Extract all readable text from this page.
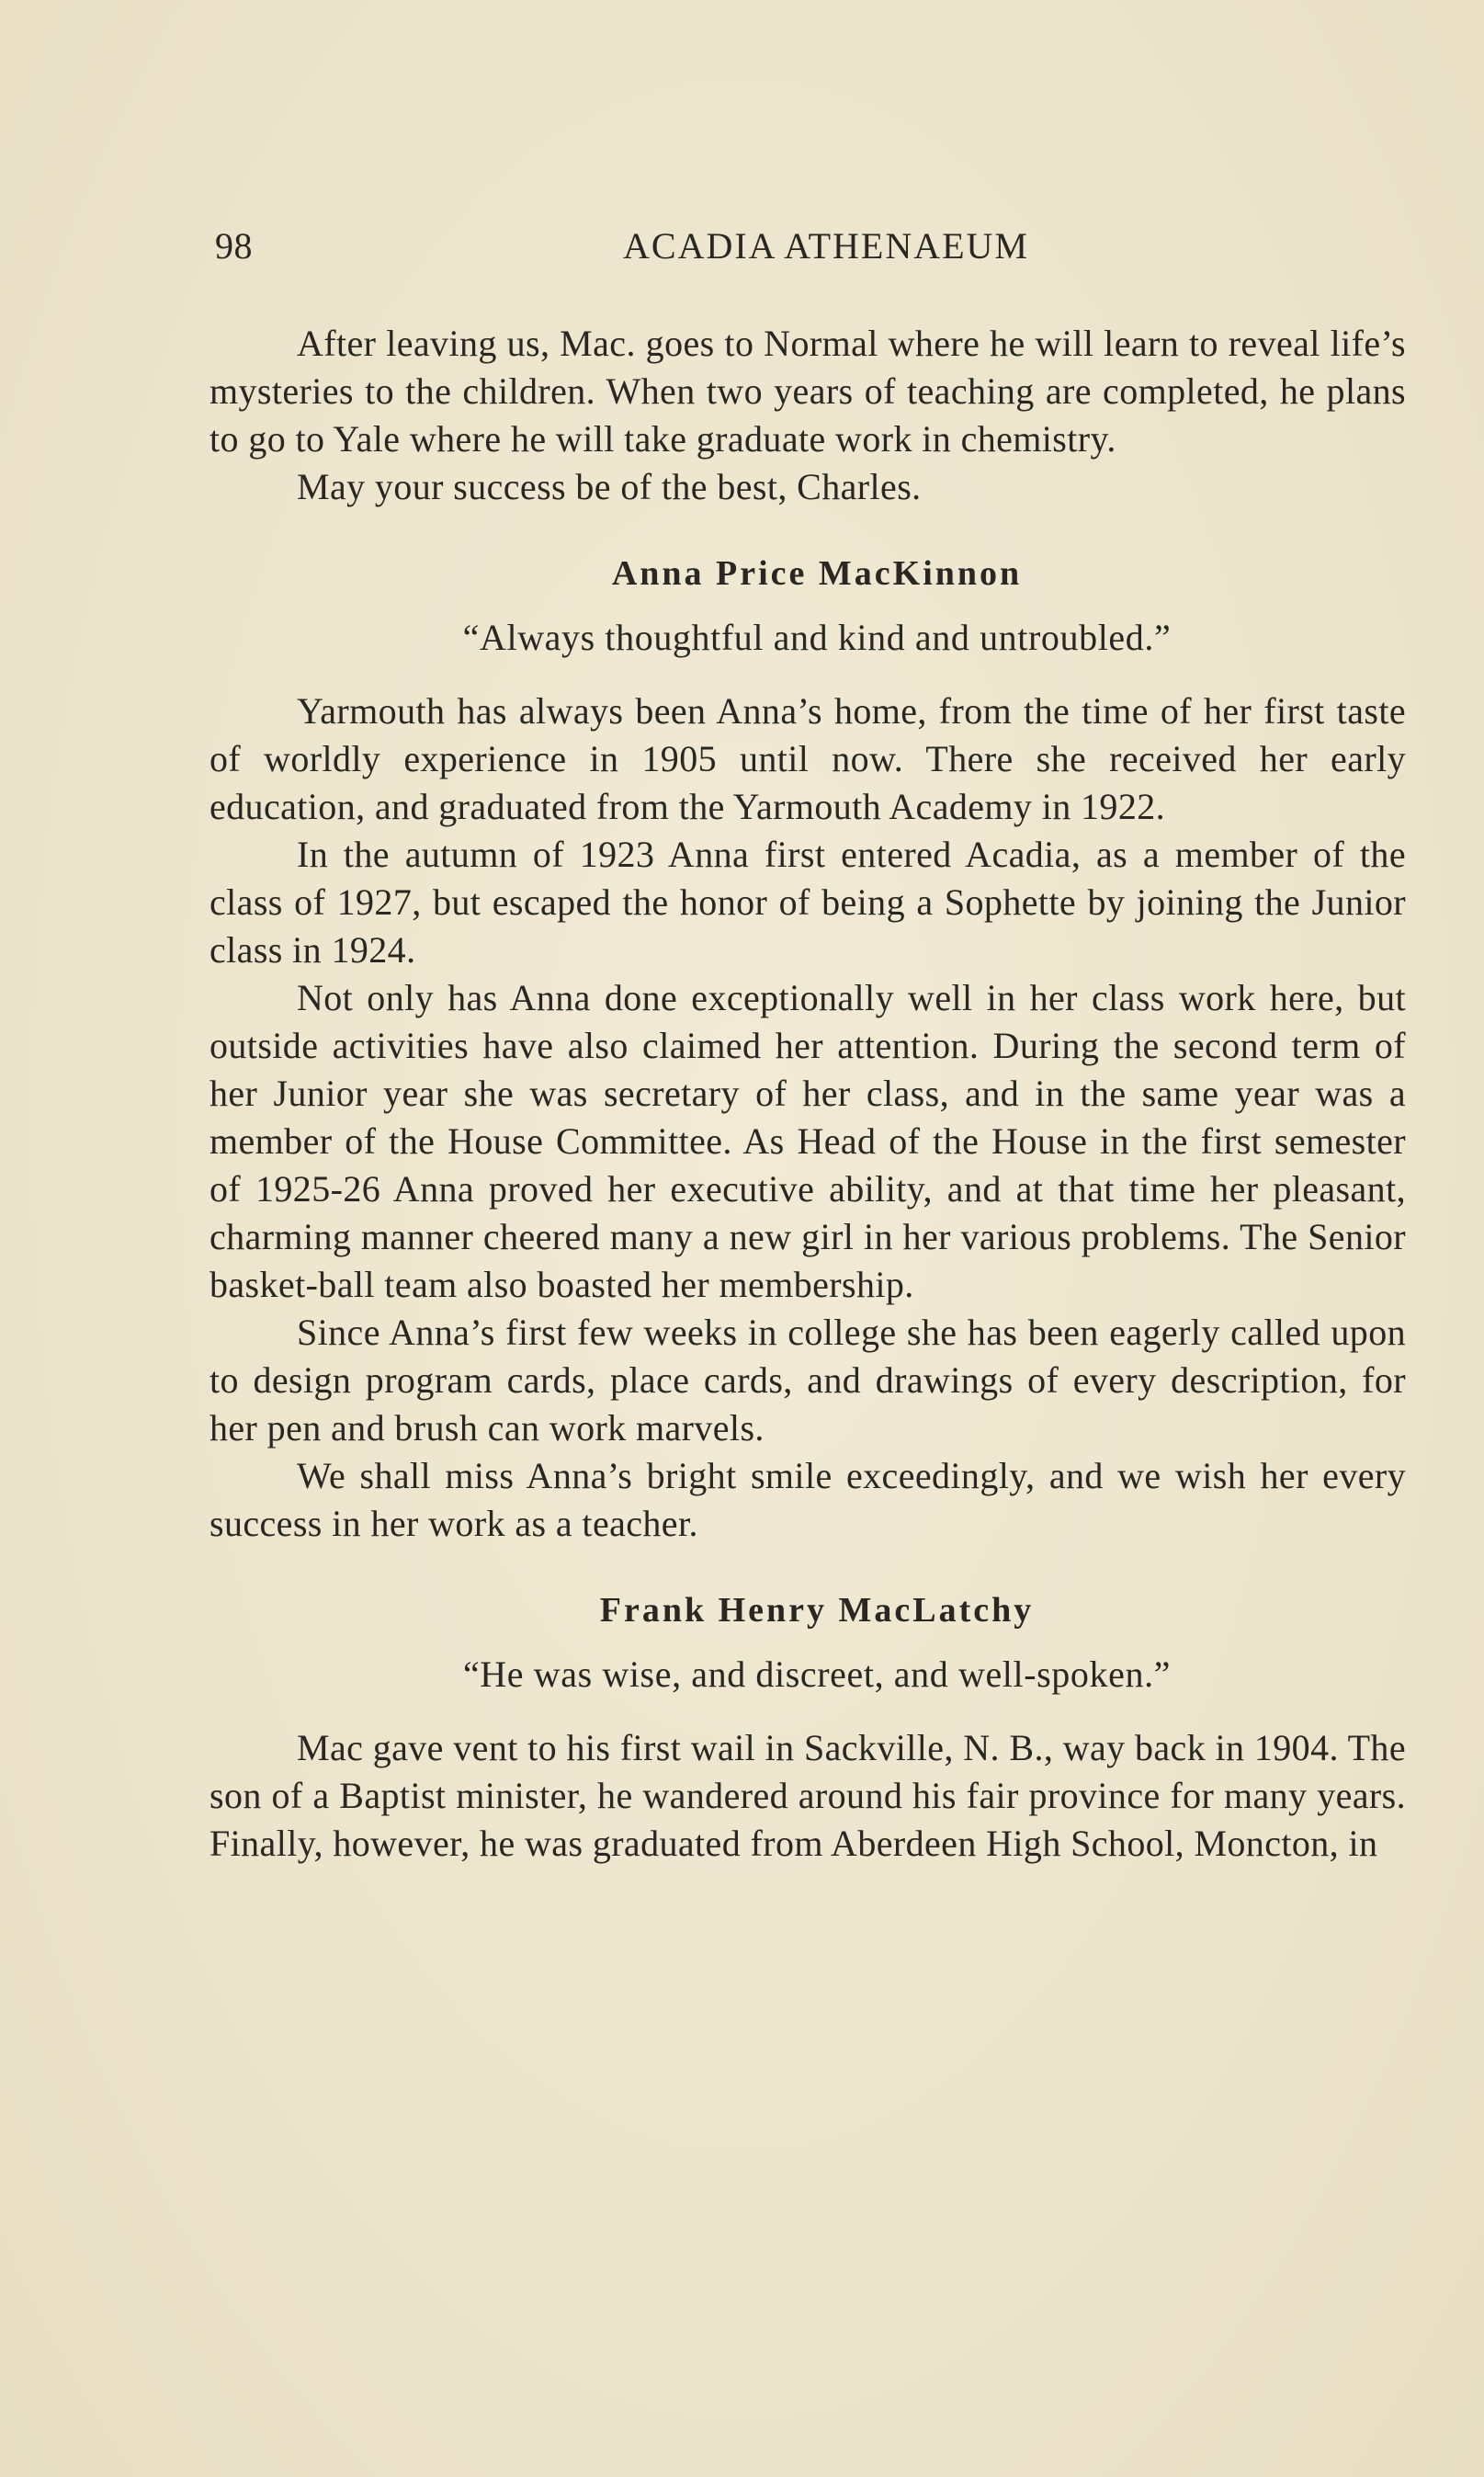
98	ACADIA ATHENAEUM

After leaving us, Mac. goes to Normal where he will learn to reveal life’s mysteries to the children. When two years of teaching are completed, he plans to go to Yale where he will take graduate work in chemistry.

May your success be of the best, Charles.

Anna Price MacKinnon
“Always thoughtful and kind and untroubled.”

Yarmouth has always been Anna’s home, from the time of her first taste of worldly experience in 1905 until now. There she received her early education, and graduated from the Yarmouth Academy in 1922.

In the autumn of 1923 Anna first entered Acadia, as a member of the class of 1927, but escaped the honor of being a Sophette by joining the Junior class in 1924.

Not only has Anna done exceptionally well in her class work here, but outside activities have also claimed her attention. During the second term of her Junior year she was secretary of her class, and in the same year was a member of the House Committee. As Head of the House in the first semester of 1925-26 Anna proved her executive ability, and at that time her pleasant, charming manner cheered many a new girl in her various problems. The Senior basket-ball team also boasted her membership.

Since Anna’s first few weeks in college she has been eagerly called upon to design program cards, place cards, and drawings of every description, for her pen and brush can work marvels.

We shall miss Anna’s bright smile exceedingly, and we wish her every success in her work as a teacher.

Frank Henry MacLatchy
“He was wise, and discreet, and well-spoken.”

Mac gave vent to his first wail in Sackville, N. B., way back in 1904. The son of a Baptist minister, he wandered around his fair province for many years. Finally, however, he was graduated from Aberdeen High School, Moncton, in
